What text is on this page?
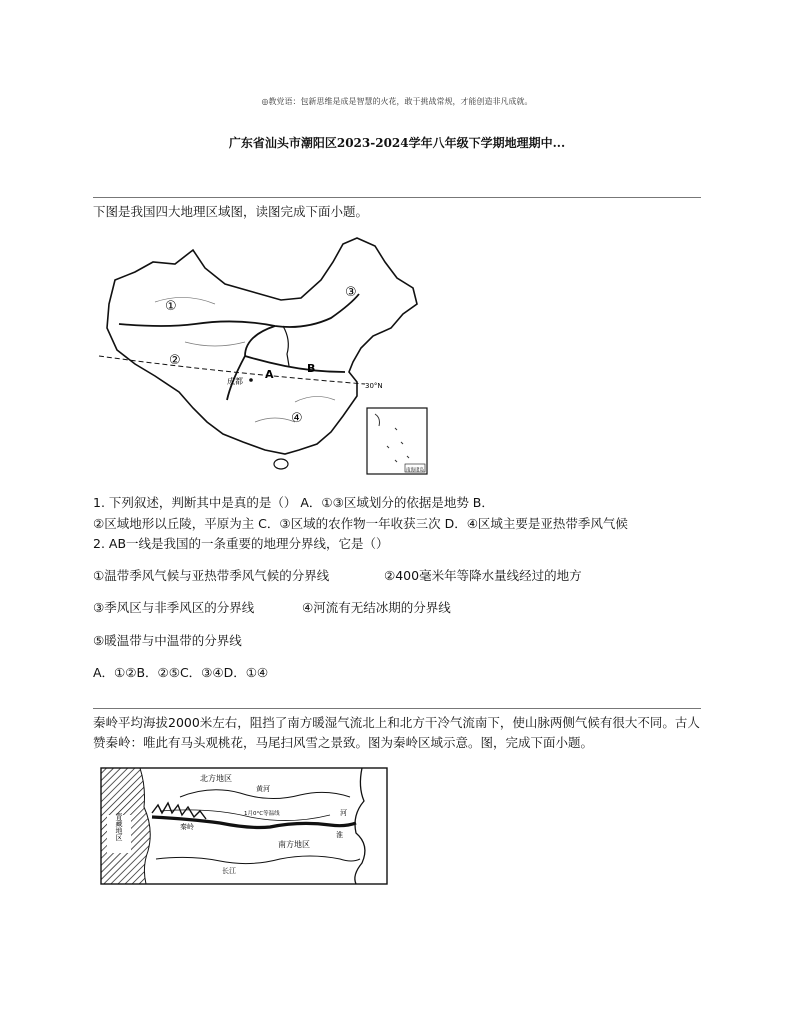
◎教党语：包新思维是成是智慧的火花，敢于挑战常规，才能创造非凡成就。
广东省汕头市潮阳区2023-2024学年八年级下学期地理期中...
下图是我国四大地理区域图，读图完成下面小题。
①
②
③
④
A	B
成都	30°N
南海诸岛
1. 下列叙述，判断其中是真的是（） A．①③区域划分的依据是地势 B．
②区域地形以丘陵，平原为主 C．③区域的农作物一年收获三次 D．④区域主要是亚热带季风气候
2. AB一线是我国的一条重要的地理分界线，它是（）
①温带季风气候与亚热带季风气候的分界线	②400毫米年等降水量线经过的地方
③季风区与非季风区的分界线	④河流有无结冰期的分界线
⑤暖温带与中温带的分界线
A．①②B．②⑤C．③④D．①④
秦岭平均海拔2000米左右，阻挡了南方暖湿气流北上和北方干冷气流南下，使山脉两侧气候有很大不同。古人赞秦岭：唯此有马头观桃花，马尾扫风雪之景致。图为秦岭区域示意。图，完成下面小题。
青藏地区
北方地区
黄河
1月0°C等温线
秦岭
河
淮
南方地区
长江
